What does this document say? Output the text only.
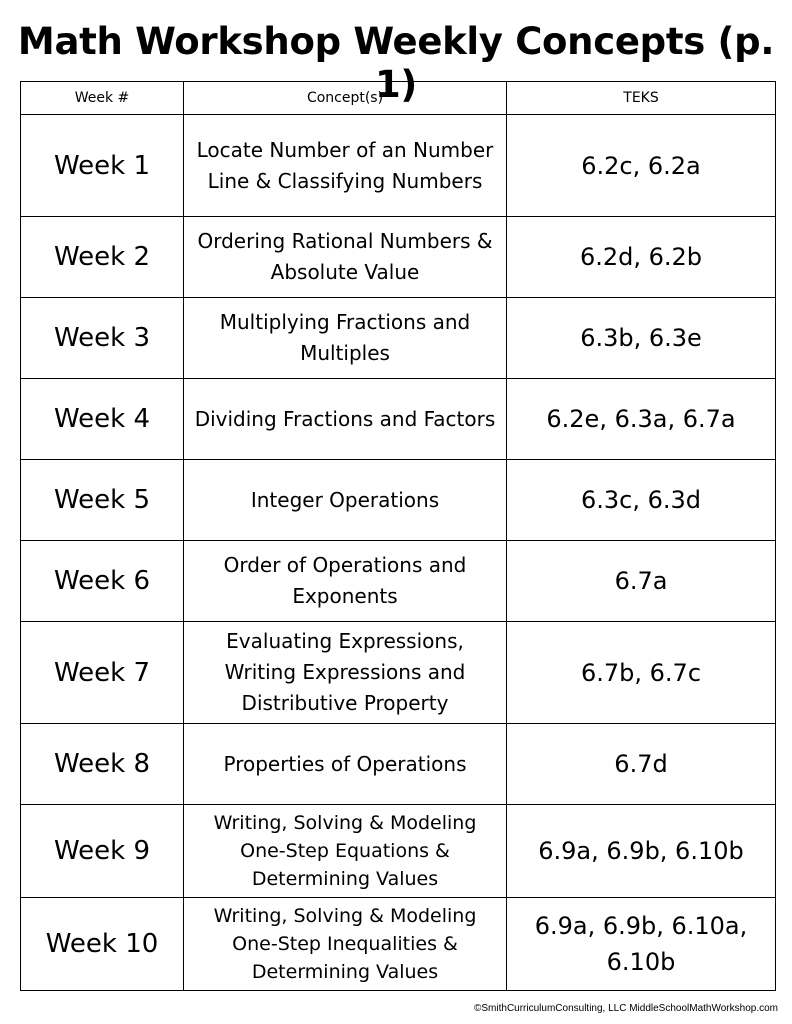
Math Workshop Weekly Concepts (p. 1)
Week #	Concept(s)	TEKS
Week 1	Locate Number of an Number Line & Classifying Numbers	6.2c, 6.2a
Week 2	Ordering Rational Numbers & Absolute Value	6.2d, 6.2b
Week 3	Multiplying Fractions and Multiples	6.3b, 6.3e
Week 4	Dividing Fractions and Factors	6.2e, 6.3a, 6.7a
Week 5	Integer Operations	6.3c, 6.3d
Week 6	Order of Operations and Exponents	6.7a
Week 7	Evaluating Expressions, Writing Expressions and Distributive Property	6.7b, 6.7c
Week 8	Properties of Operations	6.7d
Week 9	Writing, Solving & Modeling One-Step Equations & Determining Values	6.9a, 6.9b, 6.10b
Week 10	Writing, Solving & Modeling One-Step Inequalities & Determining Values	6.9a, 6.9b, 6.10a, 6.10b
©SmithCurriculumConsulting, LLC MiddleSchoolMathWorkshop.com
